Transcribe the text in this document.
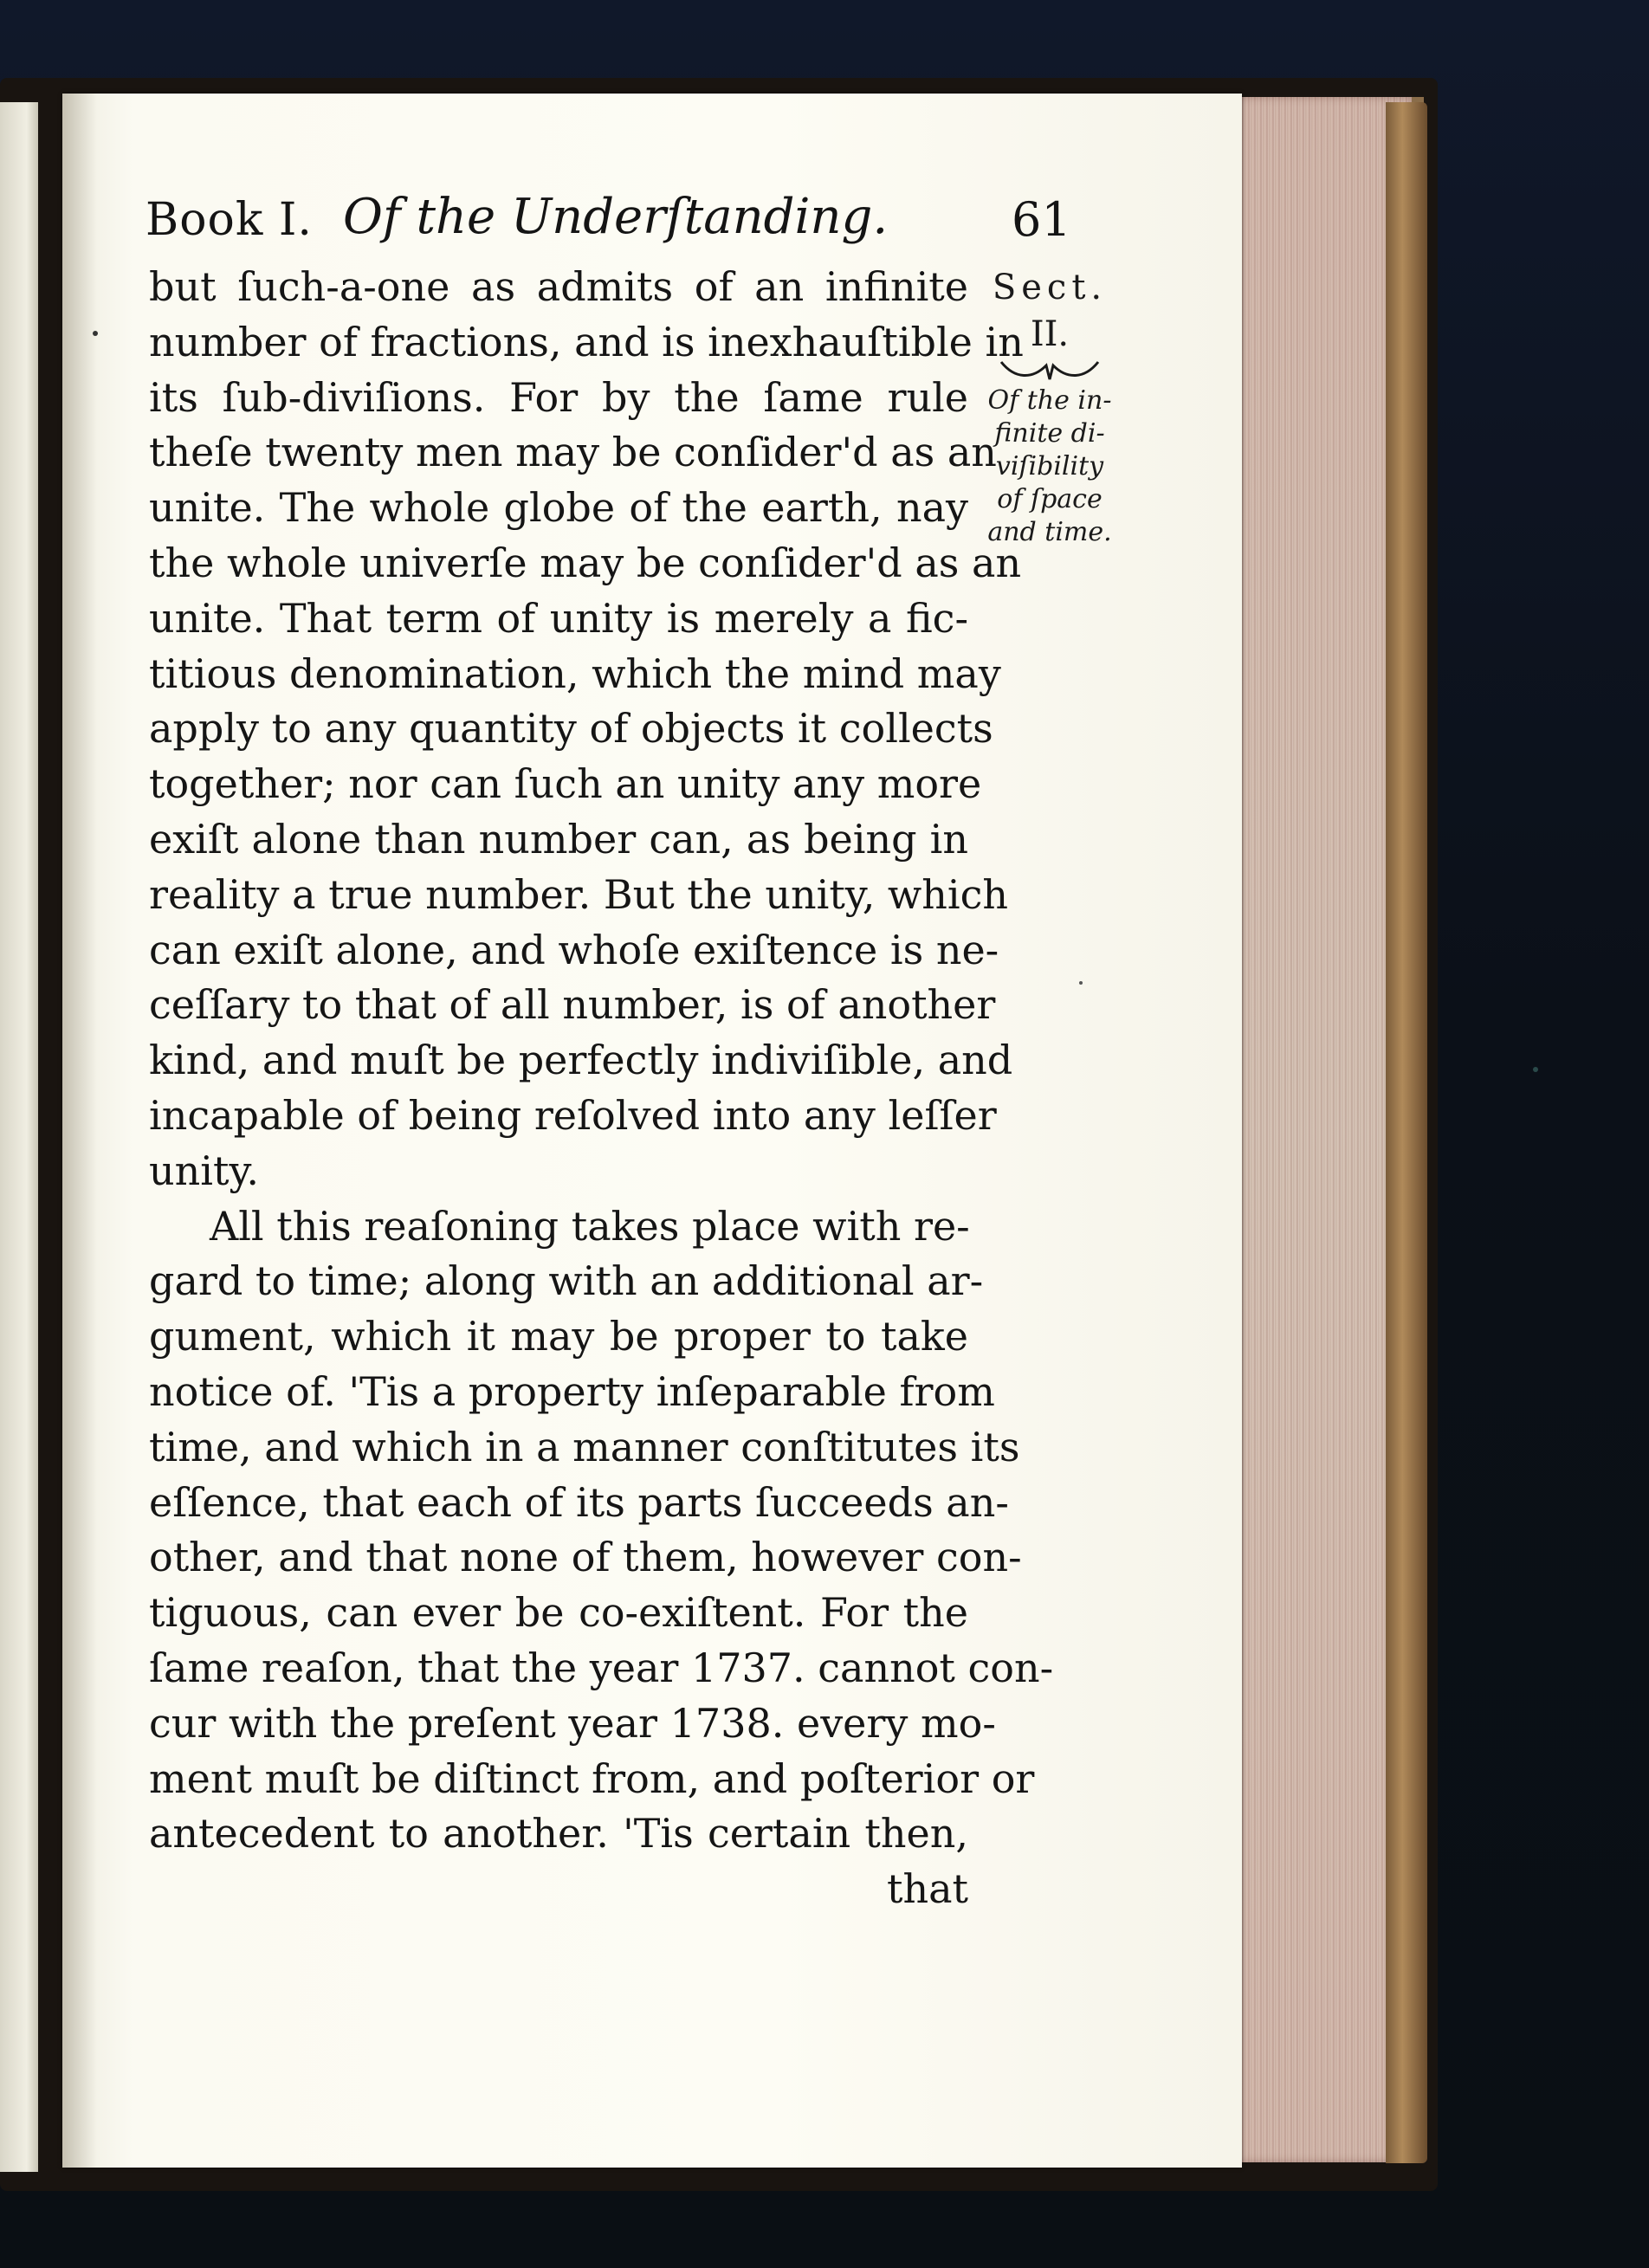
Book I. Of the Underſtanding.	61
Sect.
II.
Of the in-
finite di-
viſibility
of ſpace
and time.
but ſuch-a-one as admits of an infinite
number of fractions, and is inexhauſtible in
its ſub-diviſions. For by the ſame rule
theſe twenty men may be conſider'd as an
unite. The whole globe of the earth, nay
the whole univerſe may be conſider'd as an
unite. That term of unity is merely a fic-
titious denomination, which the mind may
apply to any quantity of objects it collects
together; nor can ſuch an unity any more
exiſt alone than number can, as being in
reality a true number. But the unity, which
can exiſt alone, and whoſe exiſtence is ne-
ceſſary to that of all number, is of another
kind, and muſt be perfectly indiviſible, and
incapable of being reſolved into any leſſer
unity.
All this reaſoning takes place with re-
gard to time; along with an additional ar-
gument, which it may be proper to take
notice of. 'Tis a property inſeparable from
time, and which in a manner conſtitutes its
eſſence, that each of its parts ſucceeds an-
other, and that none of them, however con-
tiguous, can ever be co-exiſtent. For the
ſame reaſon, that the year 1737. cannot con-
cur with the preſent year 1738. every mo-
ment muſt be diſtinct from, and poſterior or
antecedent to another. 'Tis certain then,
that
